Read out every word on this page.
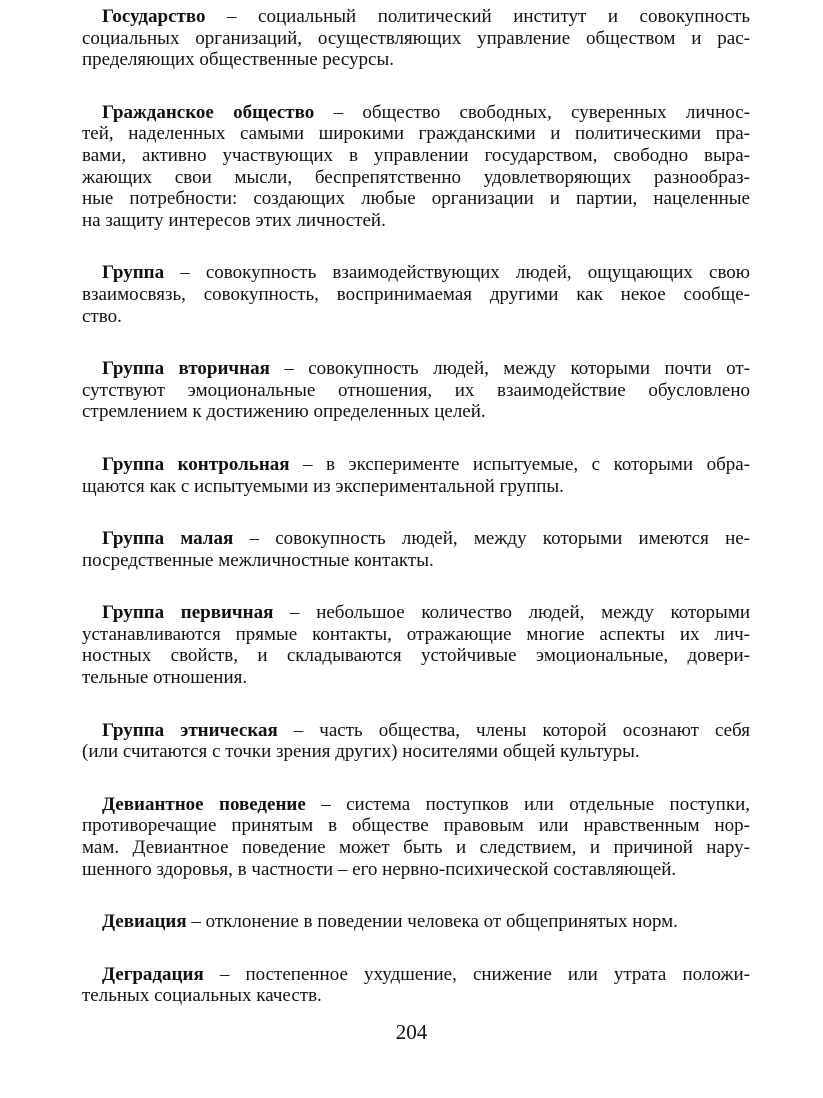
Государство – социальный политический институт и совокупность
социальных организаций, осуществляющих управление обществом и рас-
пределяющих общественные ресурсы.
Гражданское общество – общество свободных, суверенных личнос-
тей, наделенных самыми широкими гражданскими и политическими пра-
вами, активно участвующих в управлении государством, свободно выра-
жающих свои мысли, беспрепятственно удовлетворяющих разнообраз-
ные потребности: создающих любые организации и партии, нацеленные
на защиту интересов этих личностей.
Группа – совокупность взаимодействующих людей, ощущающих свою
взаимосвязь, совокупность, воспринимаемая другими как некое сообще-
ство.
Группа вторичная – совокупность людей, между которыми почти от-
сутствуют эмоциональные отношения, их взаимодействие обусловлено
стремлением к достижению определенных целей.
Группа контрольная – в эксперименте испытуемые, с которыми обра-
щаются как с испытуемыми из экспериментальной группы.
Группа малая – совокупность людей, между которыми имеются не-
посредственные межличностные контакты.
Группа первичная – небольшое количество людей, между которыми
устанавливаются прямые контакты, отражающие многие аспекты их лич-
ностных свойств, и складываются устойчивые эмоциональные, довери-
тельные отношения.
Группа этническая – часть общества, члены которой осознают себя
(или считаются с точки зрения других) носителями общей культуры.
Девиантное поведение – система поступков или отдельные поступки,
противоречащие принятым в обществе правовым или нравственным нор-
мам. Девиантное поведение может быть и следствием, и причиной нару-
шенного здоровья, в частности – его нервно-психической составляющей.
Девиация – отклонение в поведении человека от общепринятых норм.
Деградация – постепенное ухудшение, снижение или утрата положи-
тельных социальных качеств.
204
